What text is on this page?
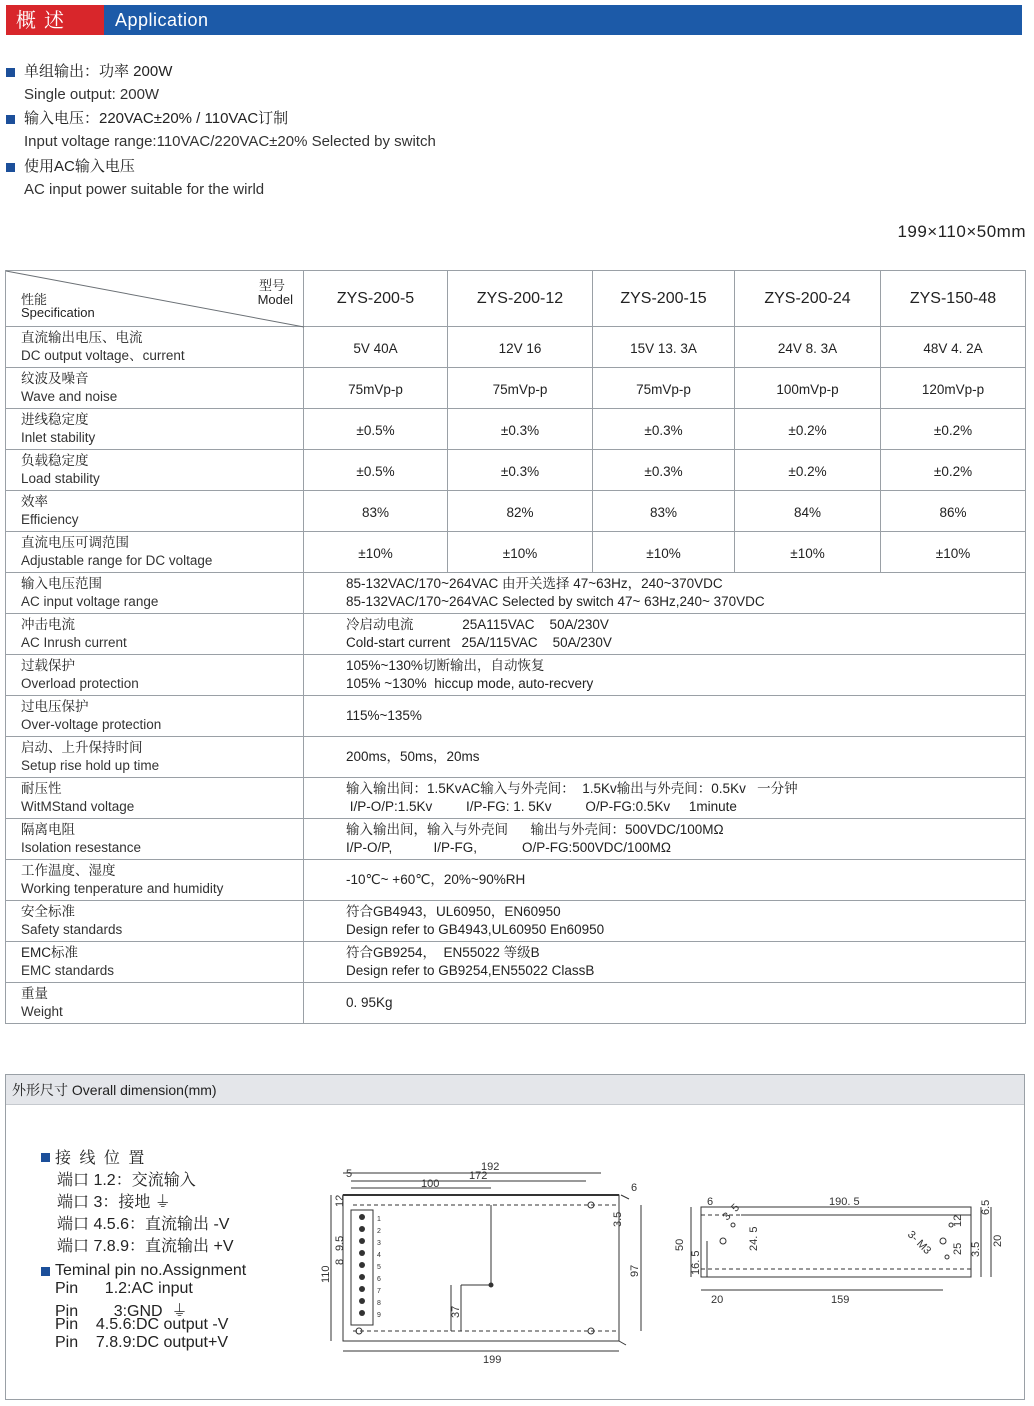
概述	Application
单组输出：功率 200W
Single output: 200W
输入电压：220VAC±20% / 110VAC订制
Input voltage range:110VAC/220VAC±20% Selected by switch
使用AC输入电压
AC input power suitable for the wirld
199×110×50mm
型号
Model
性能
Specification	ZYS-200-5	ZYS-200-12	ZYS-200-15	ZYS-200-24	ZYS-150-48

直流输出电压、电流
DC output voltage、current	5V 40A	12V 16	15V 13. 3A	24V 8. 3A	48V 4. 2A

纹波及噪音
Wave and noise	75mVp-p	75mVp-p	75mVp-p	100mVp-p	120mVp-p

进线稳定度
Inlet stability	±0.5%	±0.3%	±0.3%	±0.2%	±0.2%

负载稳定度
Load stability	±0.5%	±0.3%	±0.3%	±0.2%	±0.2%

效率
Efficiency	83%	82%	83%	84%	86%

直流电压可调范围
Adjustable range for DC voltage	±10%	±10%	±10%	±10%	±10%

输入电压范围
AC input voltage range	85-132VAC/170~264VAC 由开关选择 47~63Hz，240~370VDC
85-132VAC/170~264VAC Selected by switch 47~ 63Hz,240~ 370VDC				

冲击电流
AC Inrush current	冷启动电流             25A115VAC    50A/230V
Cold-start current   25A/115VAC    50A/230V				

过载保护
Overload protection	105%~130%切断输出，自动恢复
105% ~130%  hiccup mode, auto-recvery				

过电压保护
Over-voltage protection	115%~135%				

启动、上升保持时间
Setup rise hold up time	200ms，50ms，20ms				

耐压性
WitMStand voltage	输入输出间：1.5KvAC输入与外壳间：  1.5Kv输出与外壳间：0.5Kv   一分钟
I/P-O/P:1.5Kv         I/P-FG: 1. 5Kv         O/P-FG:0.5Kv     1minute				

隔离电阻
Isolation resestance	输入输出间，输入与外壳间      输出与外壳间：500VDC/100MΩ
I/P-O/P,           I/P-FG,            O/P-FG:500VDC/100MΩ				

工作温度、湿度
Working tenperature and humidity	-10℃~ +60℃，20%~90%RH				

安全标准
Safety standards	符合GB4943，UL60950，EN60950
Design refer to GB4943,UL60950 En60950				

EMC标准
EMC standards	符合GB9254，  EN55022 等级B
Design refer to GB9254,EN55022 ClassB				

重量
Weight	0. 95Kg				
外形尺寸 Overall dimension(mm)
接 线 位 置
端口 1.2：交流输入
端口 3：接地 ⏚
端口 4.5.6：直流输出 -V
端口 7.8.9：直流输出 +V
Teminal pin no.Assignment
Pin      1.2:AC input
Pin        3:GND  ⏚
Pin    4.5.6:DC output -V
Pin    7.8.9:DC output+V
1
2
3
4
5
6
7
8
9
192
172
100
5
6
12
3.5
110
8
9.5
37
97
199
6	190. 5
3. 5
50
16. 5
24. 5
20	159
3- M3
12
25 3.5
6.5
20
